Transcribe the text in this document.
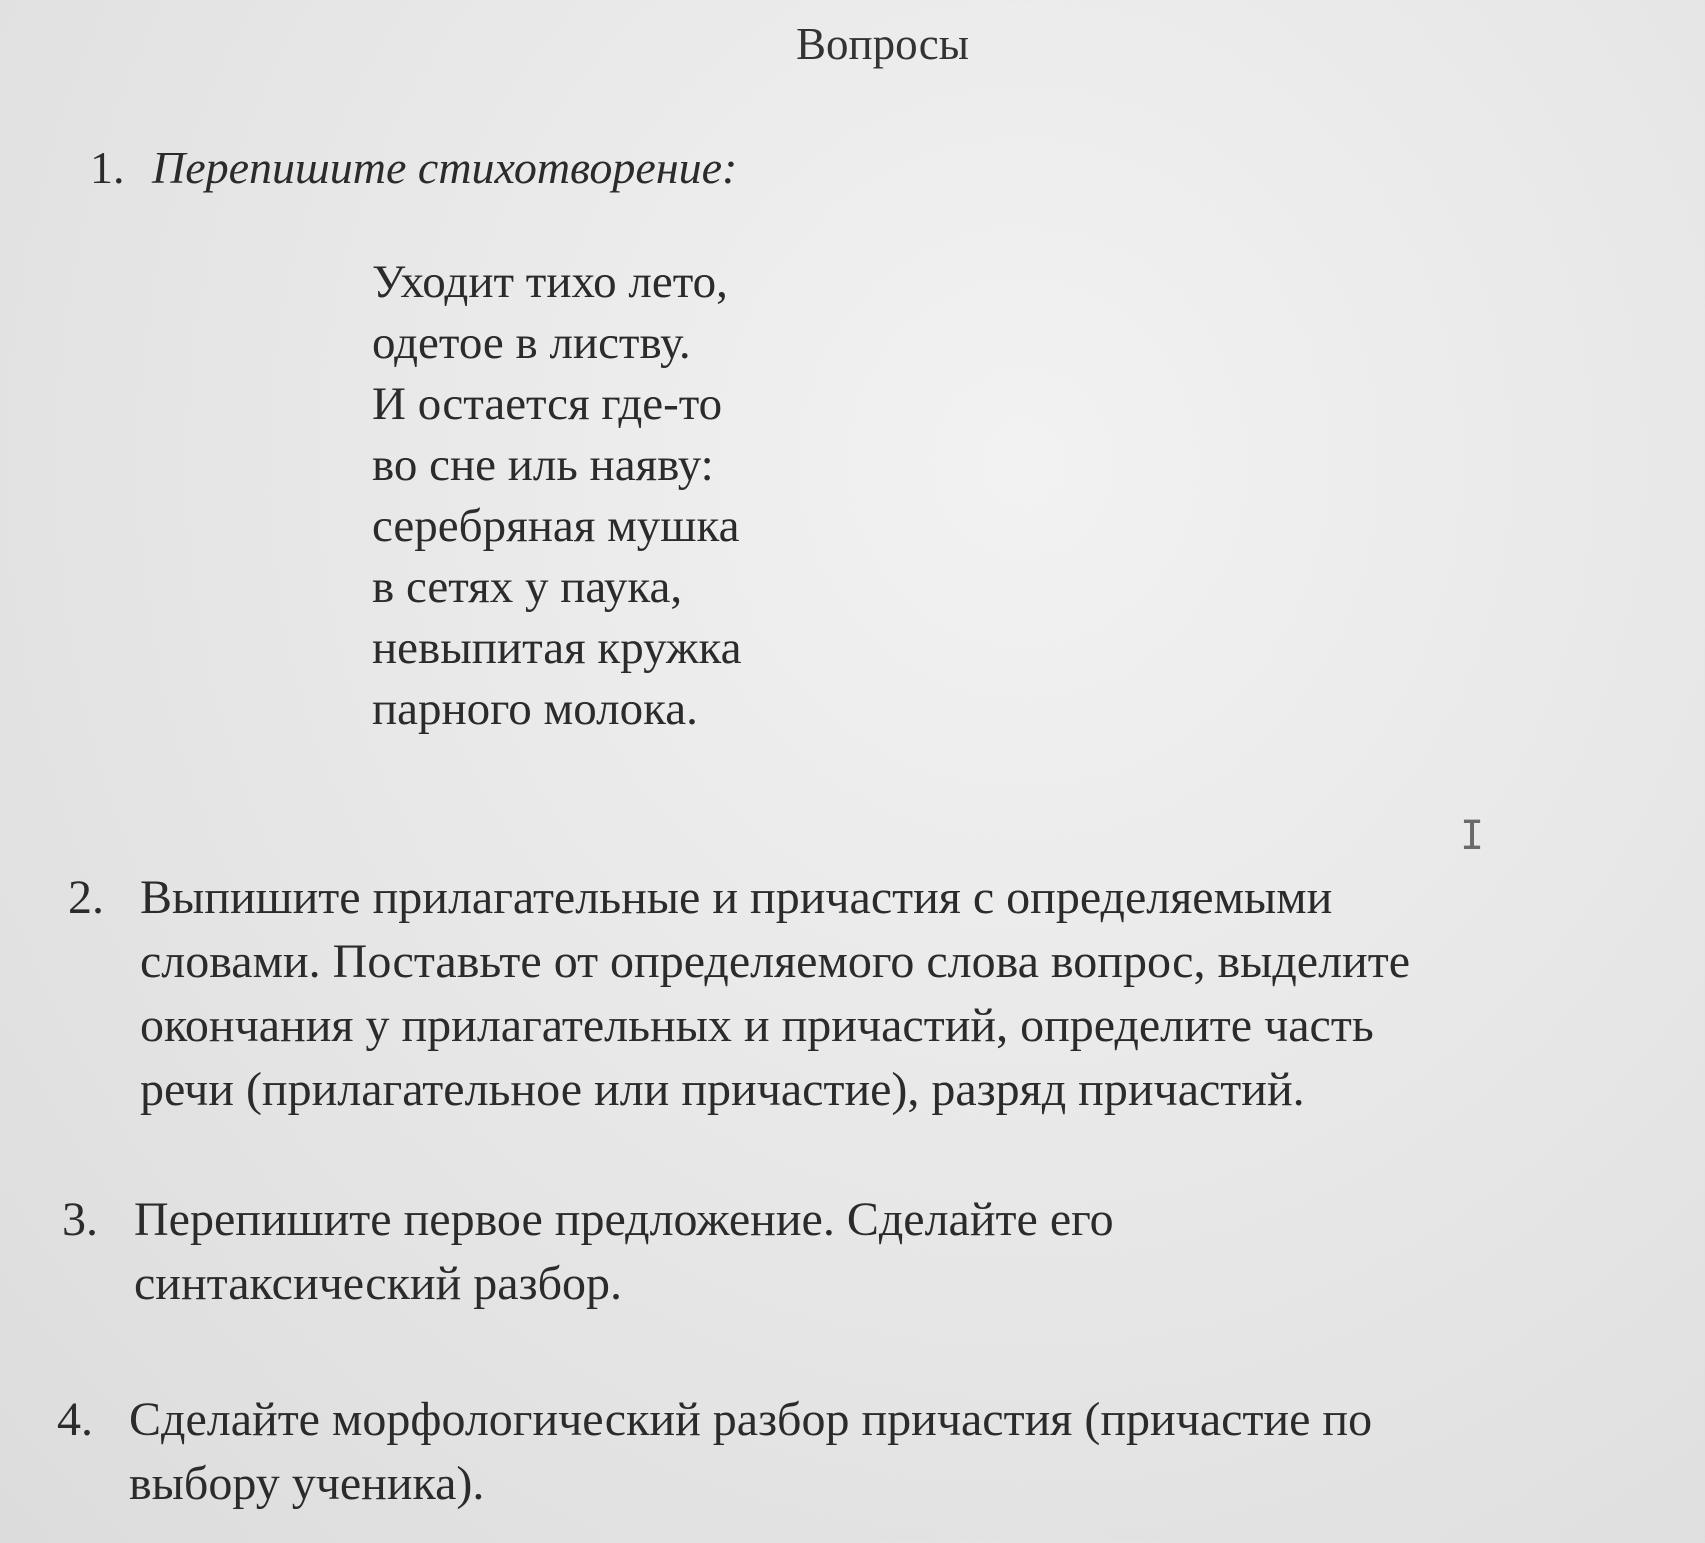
Вопросы
1. Перепишите стихотворение:
Уходит тихо лето,
одетое в листву.
И остается где-то
во сне иль наяву:
серебряная мушка
в сетях у паука,
невыпитая кружка
парного молока.
I
2. Выпишите прилагательные и причастия с определяемыми
словами. Поставьте от определяемого слова вопрос, выделите
окончания у прилагательных и причастий, определите часть
речи (прилагательное или причастие), разряд причастий.
3. Перепишите первое предложение. Сделайте его
синтаксический разбор.
4. Сделайте морфологический разбор причастия (причастие по
выбору ученика).
